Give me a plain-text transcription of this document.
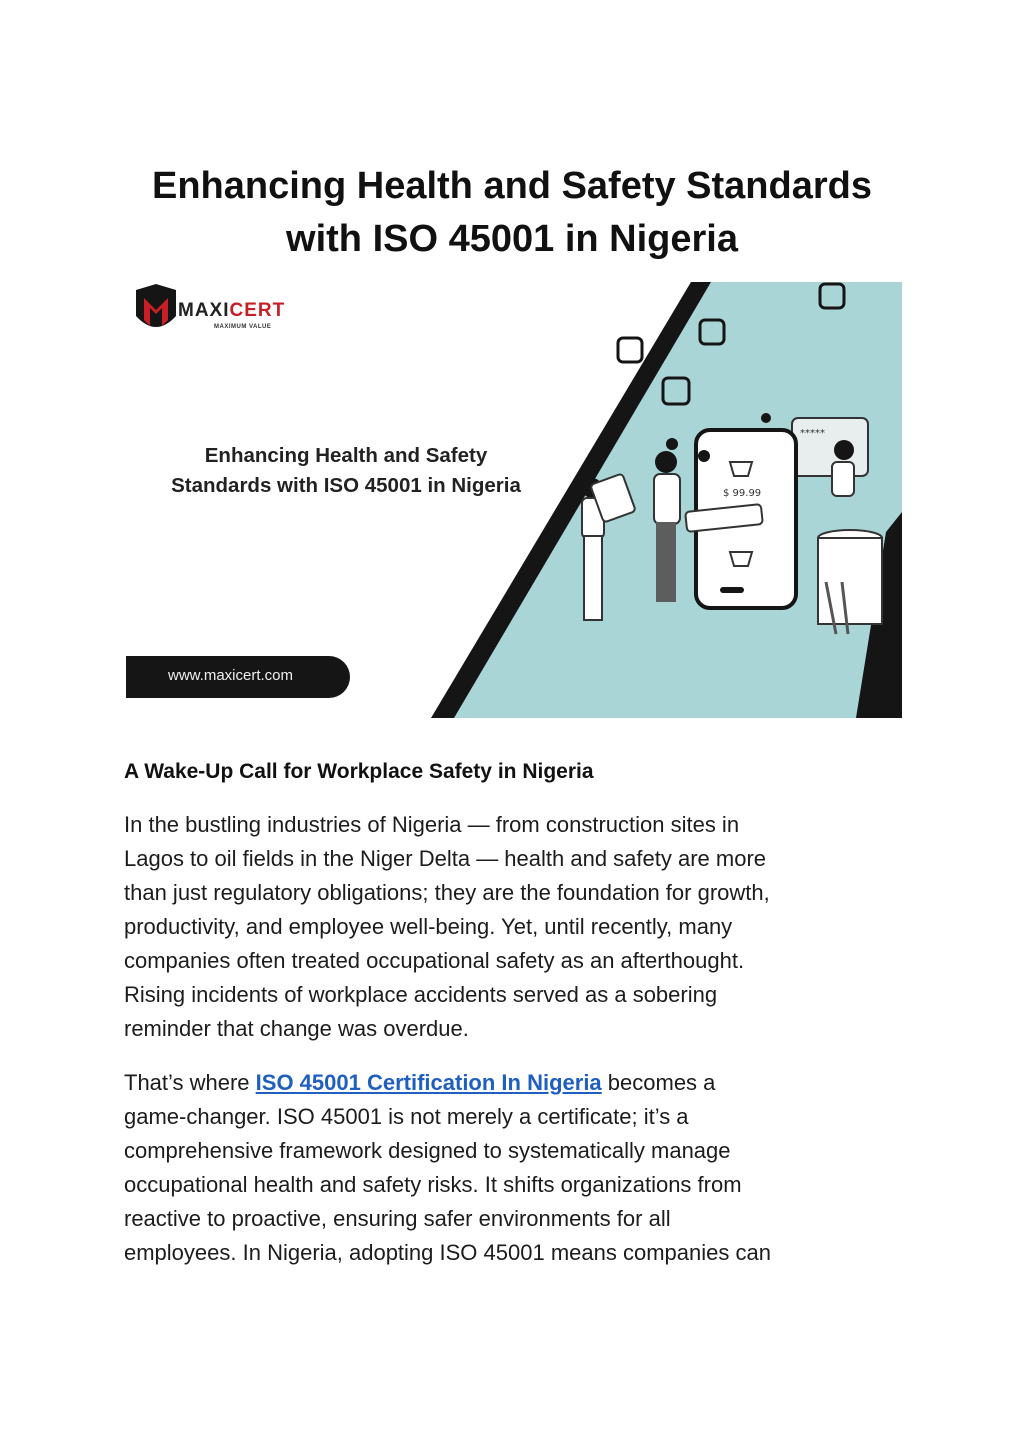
Enhancing Health and Safety Standards
with ISO 45001 in Nigeria
*****
$ 99.99
MAXICERT
MAXIMUM VALUE
Enhancing Health and Safety
Standards with ISO 45001 in Nigeria
www.maxicert.com
A Wake-Up Call for Workplace Safety in Nigeria

In the bustling industries of Nigeria — from construction sites in
Lagos to oil fields in the Niger Delta — health and safety are more
than just regulatory obligations; they are the foundation for growth,
productivity, and employee well-being. Yet, until recently, many
companies often treated occupational safety as an afterthought.
Rising incidents of workplace accidents served as a sobering
reminder that change was overdue.

That’s where ISO 45001 Certification In Nigeria becomes a
game-changer. ISO 45001 is not merely a certificate; it’s a
comprehensive framework designed to systematically manage
occupational health and safety risks. It shifts organizations from
reactive to proactive, ensuring safer environments for all
employees. In Nigeria, adopting ISO 45001 means companies can
